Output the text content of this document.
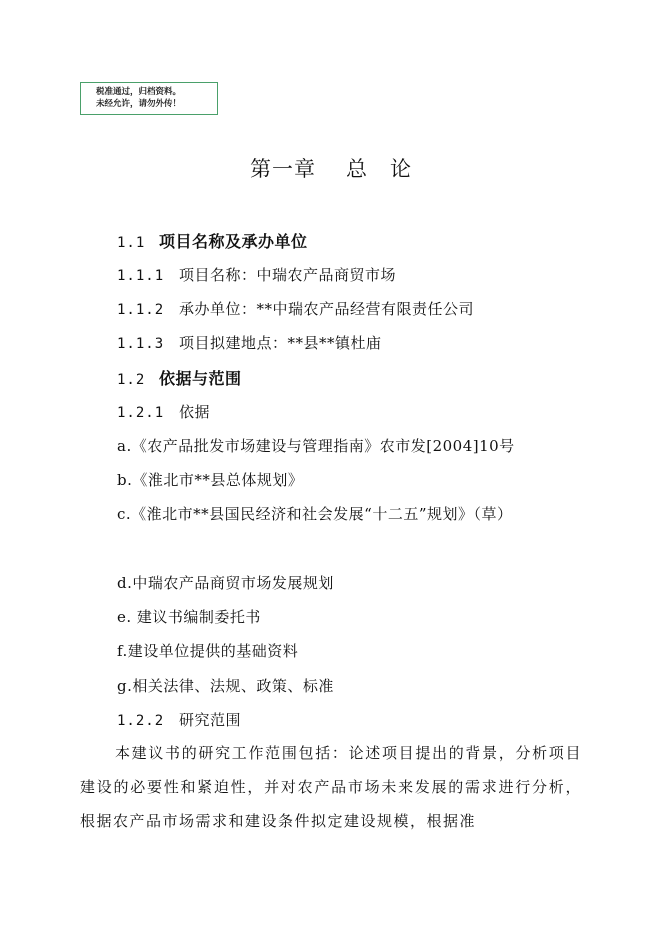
税准通过，归档资料。
未经允许，请勿外传！
第一章 总　论
1.1 项目名称及承办单位
1.1.1 项目名称：中瑞农产品商贸市场
1.1.2 承办单位：**中瑞农产品经营有限责任公司
1.1.3 项目拟建地点：**县**镇杜庙
1.2 依据与范围
1.2.1 依据
a.《农产品批发市场建设与管理指南》农市发[2004]10号
b.《淮北市**县总体规划》
c.《淮北市**县国民经济和社会发展“十二五”规划》（草）
d.中瑞农产品商贸市场发展规划
e. 建议书编制委托书
f.建设单位提供的基础资料
g.相关法律、法规、政策、标准
1.2.2 研究范围
本建议书的研究工作范围包括：论述项目提出的背景，分析项目建设的必要性和紧迫性，并对农产品市场未来发展的需求进行分析，根据农产品市场需求和建设条件拟定建设规模，根据准
